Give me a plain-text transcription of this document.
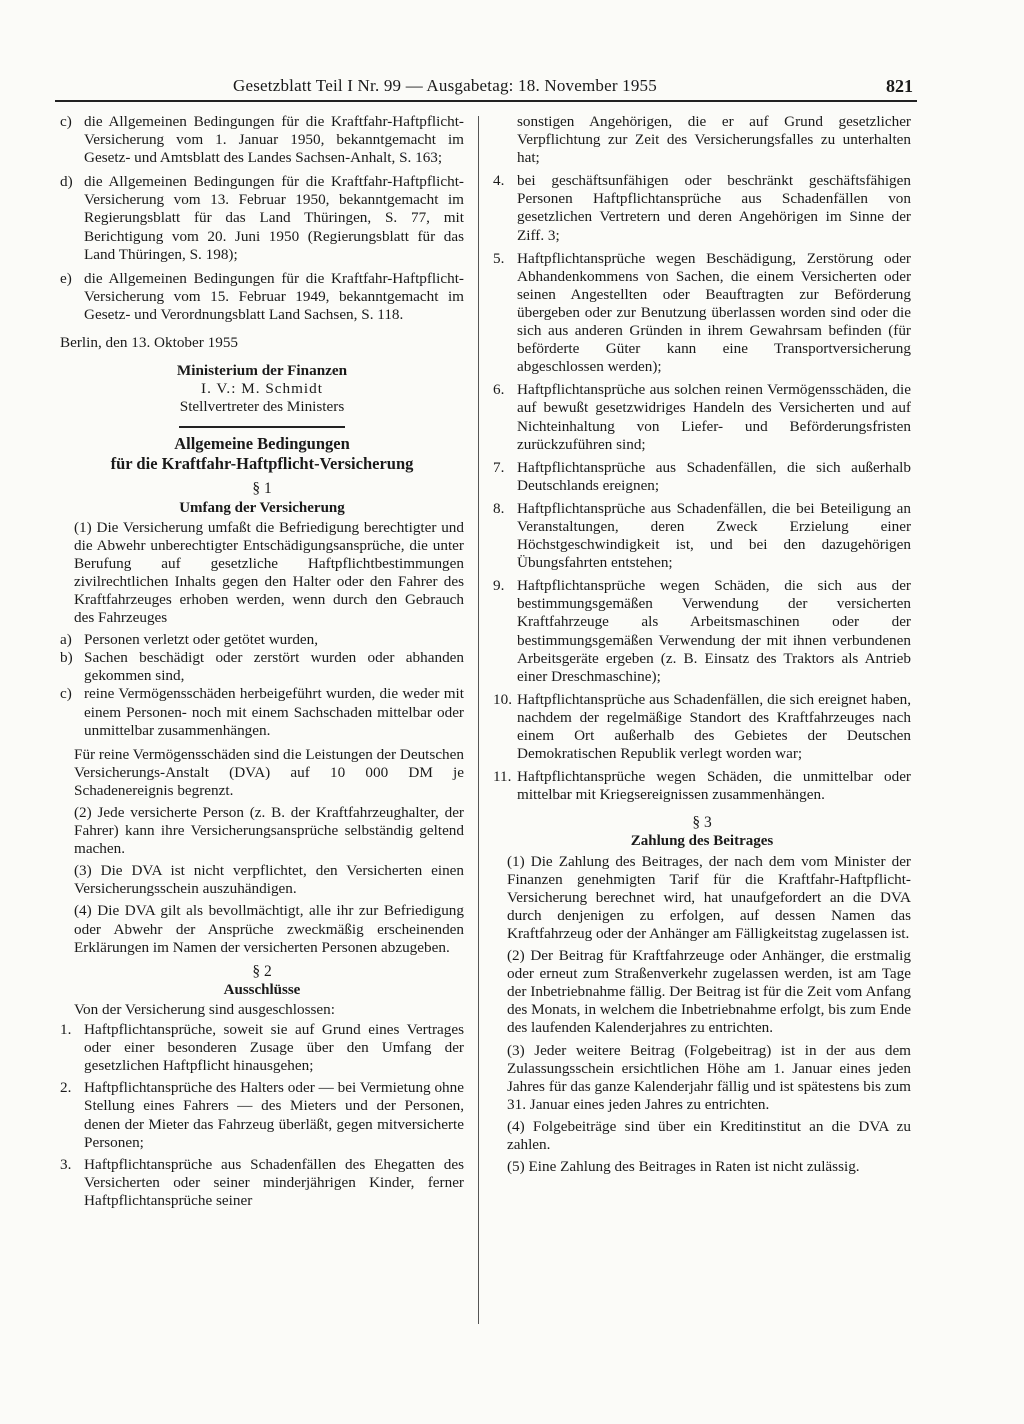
Gesetzblatt Teil I Nr. 99 — Ausgabetag: 18. November 1955	821
c) die Allgemeinen Bedingungen für die Kraftfahr-Haftpflicht-Versicherung vom 1. Januar 1950, bekanntgemacht im Gesetz- und Amtsblatt des Landes Sachsen-Anhalt, S. 163;

d) die Allgemeinen Bedingungen für die Kraftfahr-Haftpflicht-Versicherung vom 13. Februar 1950, bekanntgemacht im Regierungsblatt für das Land Thüringen, S. 77, mit Berichtigung vom 20. Juni 1950 (Regierungsblatt für das Land Thüringen, S. 198);

e) die Allgemeinen Bedingungen für die Kraftfahr-Haftpflicht-Versicherung vom 15. Februar 1949, bekanntgemacht im Gesetz- und Verordnungsblatt Land Sachsen, S. 118.

Berlin, den 13. Oktober 1955

Ministerium der Finanzen

I. V.: M. Schmidt

Stellvertreter des Ministers

Allgemeine Bedingungen

für die Kraftfahr-Haftpflicht-Versicherung

§ 1

Umfang der Versicherung

(1) Die Versicherung umfaßt die Befriedigung berechtigter und die Abwehr unberechtigter Entschädigungsansprüche, die unter Berufung auf gesetzliche Haftpflichtbestimmungen zivilrechtlichen Inhalts gegen den Halter oder den Fahrer des Kraftfahrzeuges erhoben werden, wenn durch den Gebrauch des Fahrzeuges

a) Personen verletzt oder getötet wurden,

b) Sachen beschädigt oder zerstört wurden oder abhanden gekommen sind,

c) reine Vermögensschäden herbeigeführt wurden, die weder mit einem Personen- noch mit einem Sachschaden mittelbar oder unmittelbar zusammenhängen.

Für reine Vermögensschäden sind die Leistungen der Deutschen Versicherungs-Anstalt (DVA) auf 10 000 DM je Schadenereignis begrenzt.

(2) Jede versicherte Person (z. B. der Kraftfahrzeughalter, der Fahrer) kann ihre Versicherungsansprüche selbständig geltend machen.

(3) Die DVA ist nicht verpflichtet, den Versicherten einen Versicherungsschein auszuhändigen.

(4) Die DVA gilt als bevollmächtigt, alle ihr zur Befriedigung oder Abwehr der Ansprüche zweckmäßig erscheinenden Erklärungen im Namen der versicherten Personen abzugeben.

§ 2

Ausschlüsse

Von der Versicherung sind ausgeschlossen:

1. Haftpflichtansprüche, soweit sie auf Grund eines Vertrages oder einer besonderen Zusage über den Umfang der gesetzlichen Haftpflicht hinausgehen;

2. Haftpflichtansprüche des Halters oder — bei Vermietung ohne Stellung eines Fahrers — des Mieters und der Personen, denen der Mieter das Fahrzeug überläßt, gegen mitversicherte Personen;

3. Haftpflichtansprüche aus Schadenfällen des Ehegatten des Versicherten oder seiner minderjährigen Kinder, ferner Haftpflichtansprüche seiner

sonstigen Angehörigen, die er auf Grund gesetzlicher Verpflichtung zur Zeit des Versicherungsfalles zu unterhalten hat;

4. bei geschäftsunfähigen oder beschränkt geschäftsfähigen Personen Haftpflichtansprüche aus Schadenfällen von gesetzlichen Vertretern und deren Angehörigen im Sinne der Ziff. 3;

5. Haftpflichtansprüche wegen Beschädigung, Zerstörung oder Abhandenkommens von Sachen, die einem Versicherten oder seinen Angestellten oder Beauftragten zur Beförderung übergeben oder zur Benutzung überlassen worden sind oder die sich aus anderen Gründen in ihrem Gewahrsam befinden (für beförderte Güter kann eine Transportversicherung abgeschlossen werden);

6. Haftpflichtansprüche aus solchen reinen Vermögensschäden, die auf bewußt gesetzwidriges Handeln des Versicherten und auf Nichteinhaltung von Liefer- und Beförderungsfristen zurückzuführen sind;

7. Haftpflichtansprüche aus Schadenfällen, die sich außerhalb Deutschlands ereignen;

8. Haftpflichtansprüche aus Schadenfällen, die bei Beteiligung an Veranstaltungen, deren Zweck Erzielung einer Höchstgeschwindigkeit ist, und bei den dazugehörigen Übungsfahrten entstehen;

9. Haftpflichtansprüche wegen Schäden, die sich aus der bestimmungsgemäßen Verwendung der versicherten Kraftfahrzeuge als Arbeitsmaschinen oder der bestimmungsgemäßen Verwendung der mit ihnen verbundenen Arbeitsgeräte ergeben (z. B. Einsatz des Traktors als Antrieb einer Dreschmaschine);

10. Haftpflichtansprüche aus Schadenfällen, die sich ereignet haben, nachdem der regelmäßige Standort des Kraftfahrzeuges nach einem Ort außerhalb des Gebietes der Deutschen Demokratischen Republik verlegt worden war;

11. Haftpflichtansprüche wegen Schäden, die unmittelbar oder mittelbar mit Kriegsereignissen zusammenhängen.

§ 3

Zahlung des Beitrages

(1) Die Zahlung des Beitrages, der nach dem vom Minister der Finanzen genehmigten Tarif für die Kraftfahr-Haftpflicht-Versicherung berechnet wird, hat unaufgefordert an die DVA durch denjenigen zu erfolgen, auf dessen Namen das Kraftfahrzeug oder der Anhänger am Fälligkeitstag zugelassen ist.

(2) Der Beitrag für Kraftfahrzeuge oder Anhänger, die erstmalig oder erneut zum Straßenverkehr zugelassen werden, ist am Tage der Inbetriebnahme fällig. Der Beitrag ist für die Zeit vom Anfang des Monats, in welchem die Inbetriebnahme erfolgt, bis zum Ende des laufenden Kalenderjahres zu entrichten.

(3) Jeder weitere Beitrag (Folgebeitrag) ist in der aus dem Zulassungsschein ersichtlichen Höhe am 1. Januar eines jeden Jahres für das ganze Kalenderjahr fällig und ist spätestens bis zum 31. Januar eines jeden Jahres zu entrichten.

(4) Folgebeiträge sind über ein Kreditinstitut an die DVA zu zahlen.

(5) Eine Zahlung des Beitrages in Raten ist nicht zulässig.
